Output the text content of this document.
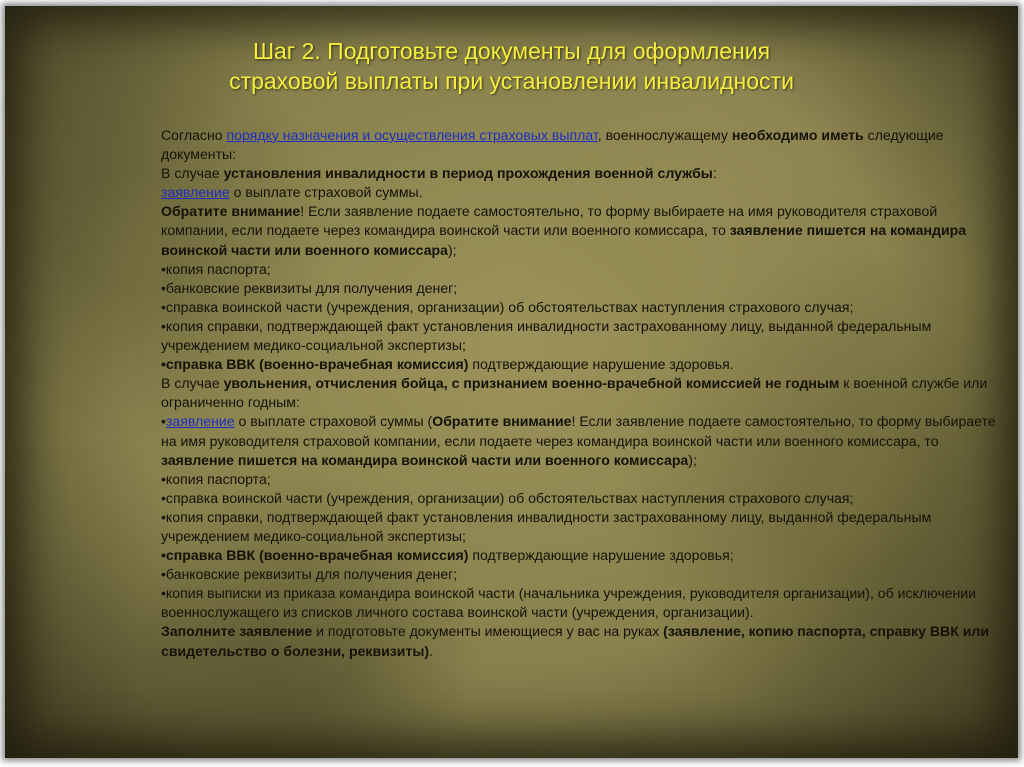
Шаг 2. Подготовьте документы для оформления
страховой выплаты при установлении инвалидности

Согласно порядку назначения и осуществления страховых выплат, военнослужащему необходимо иметь следующие документы:

В случае установления инвалидности в период прохождения военной службы:

заявление о выплате страховой суммы.

Обратите внимание! Если заявление подаете самостоятельно, то форму выбираете на имя руководителя страховой компании, если подаете через командира воинской части или военного комиссара, то заявление пишется на командира воинской части или военного комиссара);

•копия паспорта;

•банковские реквизиты для получения денег;

•справка воинской части (учреждения, организации) об обстоятельствах наступления страхового случая;

•копия справки, подтверждающей факт установления инвалидности застрахованному лицу, выданной федеральным учреждением медико-социальной экспертизы;

•справка ВВК (военно-врачебная комиссия) подтверждающие нарушение здоровья.

В случае увольнения, отчисления бойца, с признанием военно-врачебной комиссией не годным к военной службе или ограниченно годным:

•заявление о выплате страховой суммы (Обратите внимание! Если заявление подаете самостоятельно, то форму выбираете на имя руководителя страховой компании, если подаете через командира воинской части или военного комиссара, то заявление пишется на командира воинской части или военного комиссара);

•копия паспорта;

•справка воинской части (учреждения, организации) об обстоятельствах наступления страхового случая;

•копия справки, подтверждающей факт установления инвалидности застрахованному лицу, выданной федеральным учреждением медико-социальной экспертизы;

•справка ВВК (военно-врачебная комиссия) подтверждающие нарушение здоровья;

•банковские реквизиты для получения денег;

•копия выписки из приказа командира воинской части (начальника учреждения, руководителя организации), об исключении военнослужащего из списков личного состава воинской части (учреждения, организации).

Заполните заявление и подготовьте документы имеющиеся у вас на руках (заявление, копию паспорта, справку ВВК или свидетельство о болезни, реквизиты).
